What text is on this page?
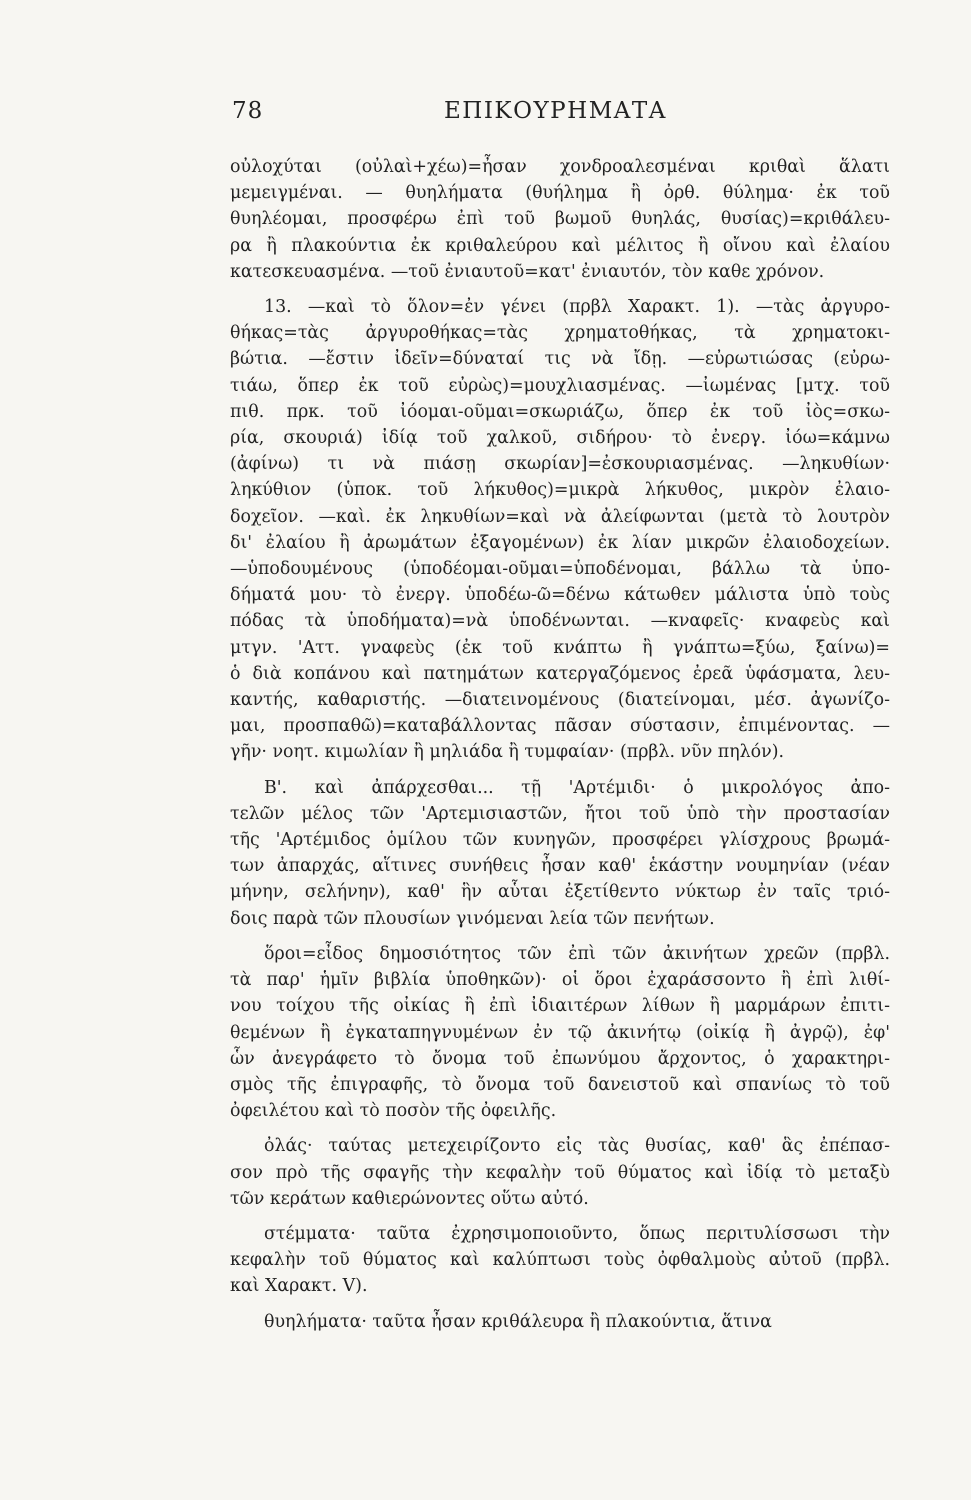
78	ΕΠΙΚΟΥΡΗΜΑΤΑ
οὐλοχύται (οὐλαὶ+χέω)=ἦσαν χονδροαλεσμέναι κριθαὶ ἅλατι
μεμειγμέναι. — θυηλήματα (θυήλημα ἢ ὀρθ. θύλημα· ἐκ τοῦ
θυηλέομαι, προσφέρω ἐπὶ τοῦ βωμοῦ θυηλάς, θυσίας)=κριθάλευ-
ρα ἢ πλακούντια ἐκ κριθαλεύρου καὶ μέλιτος ἢ οἴνου καὶ ἐλαίου
κατεσκευασμένα. —τοῦ ἐνιαυτοῦ=κατ' ἐνιαυτόν, τὸν καθε χρόνον.
13. —καὶ τὸ ὅλον=ἐν γένει (πρβλ Χαρακτ. 1). —τὰς ἀργυρο-
θήκας=τὰς ἀργυροθήκας=τὰς χρηματοθήκας, τὰ χρηματοκι-
βώτια. —ἔστιν ἰδεῖν=δύναταί τις νὰ ἴδῃ. —εὐρωτιώσας (εὐρω-
τιάω, ὅπερ ἐκ τοῦ εὐρὼς)=μουχλιασμένας. —ἰωμένας [μτχ. τοῦ
πιθ. πρκ. τοῦ ἰόομαι-οῦμαι=σκωριάζω, ὅπερ ἐκ τοῦ ἰὸς=σκω-
ρία, σκουριά) ἰδίᾳ τοῦ χαλκοῦ, σιδήρου· τὸ ἐνεργ. ἰόω=κάμνω
(ἀφίνω) τι νὰ πιάσῃ σκωρίαν]=ἐσκουριασμένας. —ληκυθίων·
ληκύθιον (ὑποκ. τοῦ λήκυθος)=μικρὰ λήκυθος, μικρὸν ἐλαιο-
δοχεῖον. —καὶ. ἐκ ληκυθίων=καὶ νὰ ἀλείφωνται (μετὰ τὸ λουτρὸν
δι' ἐλαίου ἢ ἀρωμάτων ἐξαγομένων) ἐκ λίαν μικρῶν ἐλαιοδοχείων.
—ὑποδουμένους (ὑποδέομαι-οῦμαι=ὑποδένομαι, βάλλω τὰ ὑπο-
δήματά μου· τὸ ἐνεργ. ὑποδέω-ῶ=δένω κάτωθεν μάλιστα ὑπὸ τοὺς
πόδας τὰ ὑποδήματα)=νὰ ὑποδένωνται. —κναφεῖς· κναφεὺς καὶ
μτγν. 'Αττ. γναφεὺς (ἐκ τοῦ κνάπτω ἢ γνάπτω=ξύω, ξαίνω)=
ὁ διὰ κοπάνου καὶ πατημάτων κατεργαζόμενος ἐρεᾶ ὑφάσματα, λευ-
καντής, καθαριστής. —διατεινομένους (διατείνομαι, μέσ. ἀγωνίζο-
μαι, προσπαθῶ)=καταβάλλοντας πᾶσαν σύστασιν, ἐπιμένοντας. —
γῆν· νοητ. κιμωλίαν ἢ μηλιάδα ἢ τυμφαίαν· (πρβλ. νῦν πηλόν).
Β'. καὶ ἀπάρχεσθαι... τῇ 'Αρτέμιδι· ὁ μικρολόγος ἀπο-
τελῶν μέλος τῶν 'Αρτεμισιαστῶν, ἤτοι τοῦ ὑπὸ τὴν προστασίαν
τῆς 'Αρτέμιδος ὁμίλου τῶν κυνηγῶν, προσφέρει γλίσχρους βρωμά-
των ἀπαρχάς, αἵτινες συνήθεις ἦσαν καθ' ἑκάστην νουμηνίαν (νέαν
μήνην, σελήνην), καθ' ἣν αὗται ἐξετίθεντο νύκτωρ ἐν ταῖς τριό-
δοις παρὰ τῶν πλουσίων γινόμεναι λεία τῶν πενήτων.
ὅροι=εἶδος δημοσιότητος τῶν ἐπὶ τῶν ἀκινήτων χρεῶν (πρβλ.
τὰ παρ' ἡμῖν βιβλία ὑποθηκῶν)· οἱ ὅροι ἐχαράσσοντο ἢ ἐπὶ λιθί-
νου τοίχου τῆς οἰκίας ἢ ἐπὶ ἰδιαιτέρων λίθων ἢ μαρμάρων ἐπιτι-
θεμένων ἢ ἐγκαταπηγνυμένων ἐν τῷ ἀκινήτῳ (οἰκίᾳ ἢ ἀγρῷ), ἐφ'
ὧν ἀνεγράφετο τὸ ὄνομα τοῦ ἐπωνύμου ἄρχοντος, ὁ χαρακτηρι-
σμὸς τῆς ἐπιγραφῆς, τὸ ὄνομα τοῦ δανειστοῦ καὶ σπανίως τὸ τοῦ
ὀφειλέτου καὶ τὸ ποσὸν τῆς ὀφειλῆς.
ὀλάς· ταύτας μετεχειρίζοντο εἰς τὰς θυσίας, καθ' ἃς ἐπέπασ-
σον πρὸ τῆς σφαγῆς τὴν κεφαλὴν τοῦ θύματος καὶ ἰδίᾳ τὸ μεταξὺ
τῶν κεράτων καθιερώνοντες οὕτω αὐτό.
στέμματα· ταῦτα ἐχρησιμοποιοῦντο, ὅπως περιτυλίσσωσι τὴν
κεφαλὴν τοῦ θύματος καὶ καλύπτωσι τοὺς ὀφθαλμοὺς αὐτοῦ (πρβλ.
καὶ Χαρακτ. V).
θυηλήματα· ταῦτα ἦσαν κριθάλευρα ἢ πλακούντια, ἅτινα
